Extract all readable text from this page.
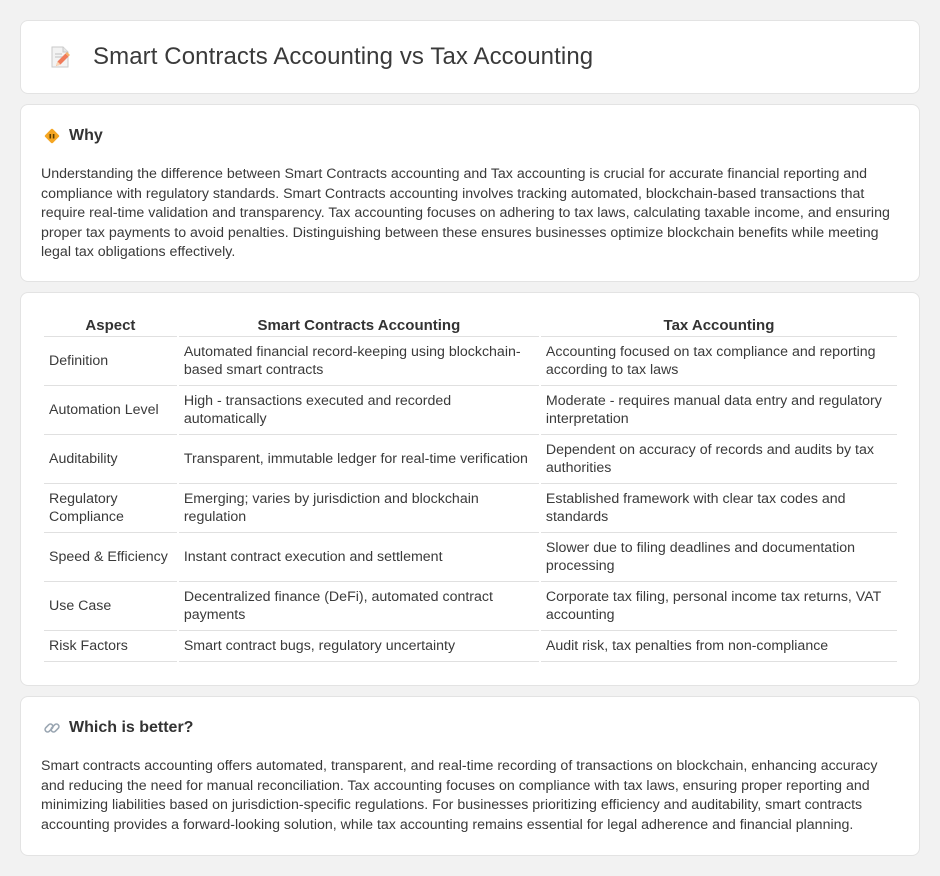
Smart Contracts Accounting vs Tax Accounting
Why

Understanding the difference between Smart Contracts accounting and Tax accounting is crucial for accurate financial reporting and compliance with regulatory standards. Smart Contracts accounting involves tracking automated, blockchain-based transactions that require real-time validation and transparency. Tax accounting focuses on adhering to tax laws, calculating taxable income, and ensuring proper tax payments to avoid penalties. Distinguishing between these ensures businesses optimize blockchain benefits while meeting legal tax obligations effectively.

Aspect	Smart Contracts Accounting	Tax Accounting
Definition	Automated financial record-keeping using blockchain-based smart contracts	Accounting focused on tax compliance and reporting according to tax laws
Automation Level	High - transactions executed and recorded automatically	Moderate - requires manual data entry and regulatory interpretation
Auditability	Transparent, immutable ledger for real-time verification	Dependent on accuracy of records and audits by tax authorities
Regulatory Compliance	Emerging; varies by jurisdiction and blockchain regulation	Established framework with clear tax codes and standards
Speed & Efficiency	Instant contract execution and settlement	Slower due to filing deadlines and documentation processing
Use Case	Decentralized finance (DeFi), automated contract payments	Corporate tax filing, personal income tax returns, VAT accounting
Risk Factors	Smart contract bugs, regulatory uncertainty	Audit risk, tax penalties from non-compliance
Which is better?

Smart contracts accounting offers automated, transparent, and real-time recording of transactions on blockchain, enhancing accuracy and reducing the need for manual reconciliation. Tax accounting focuses on compliance with tax laws, ensuring proper reporting and minimizing liabilities based on jurisdiction-specific regulations. For businesses prioritizing efficiency and auditability, smart contracts accounting provides a forward-looking solution, while tax accounting remains essential for legal adherence and financial planning.
